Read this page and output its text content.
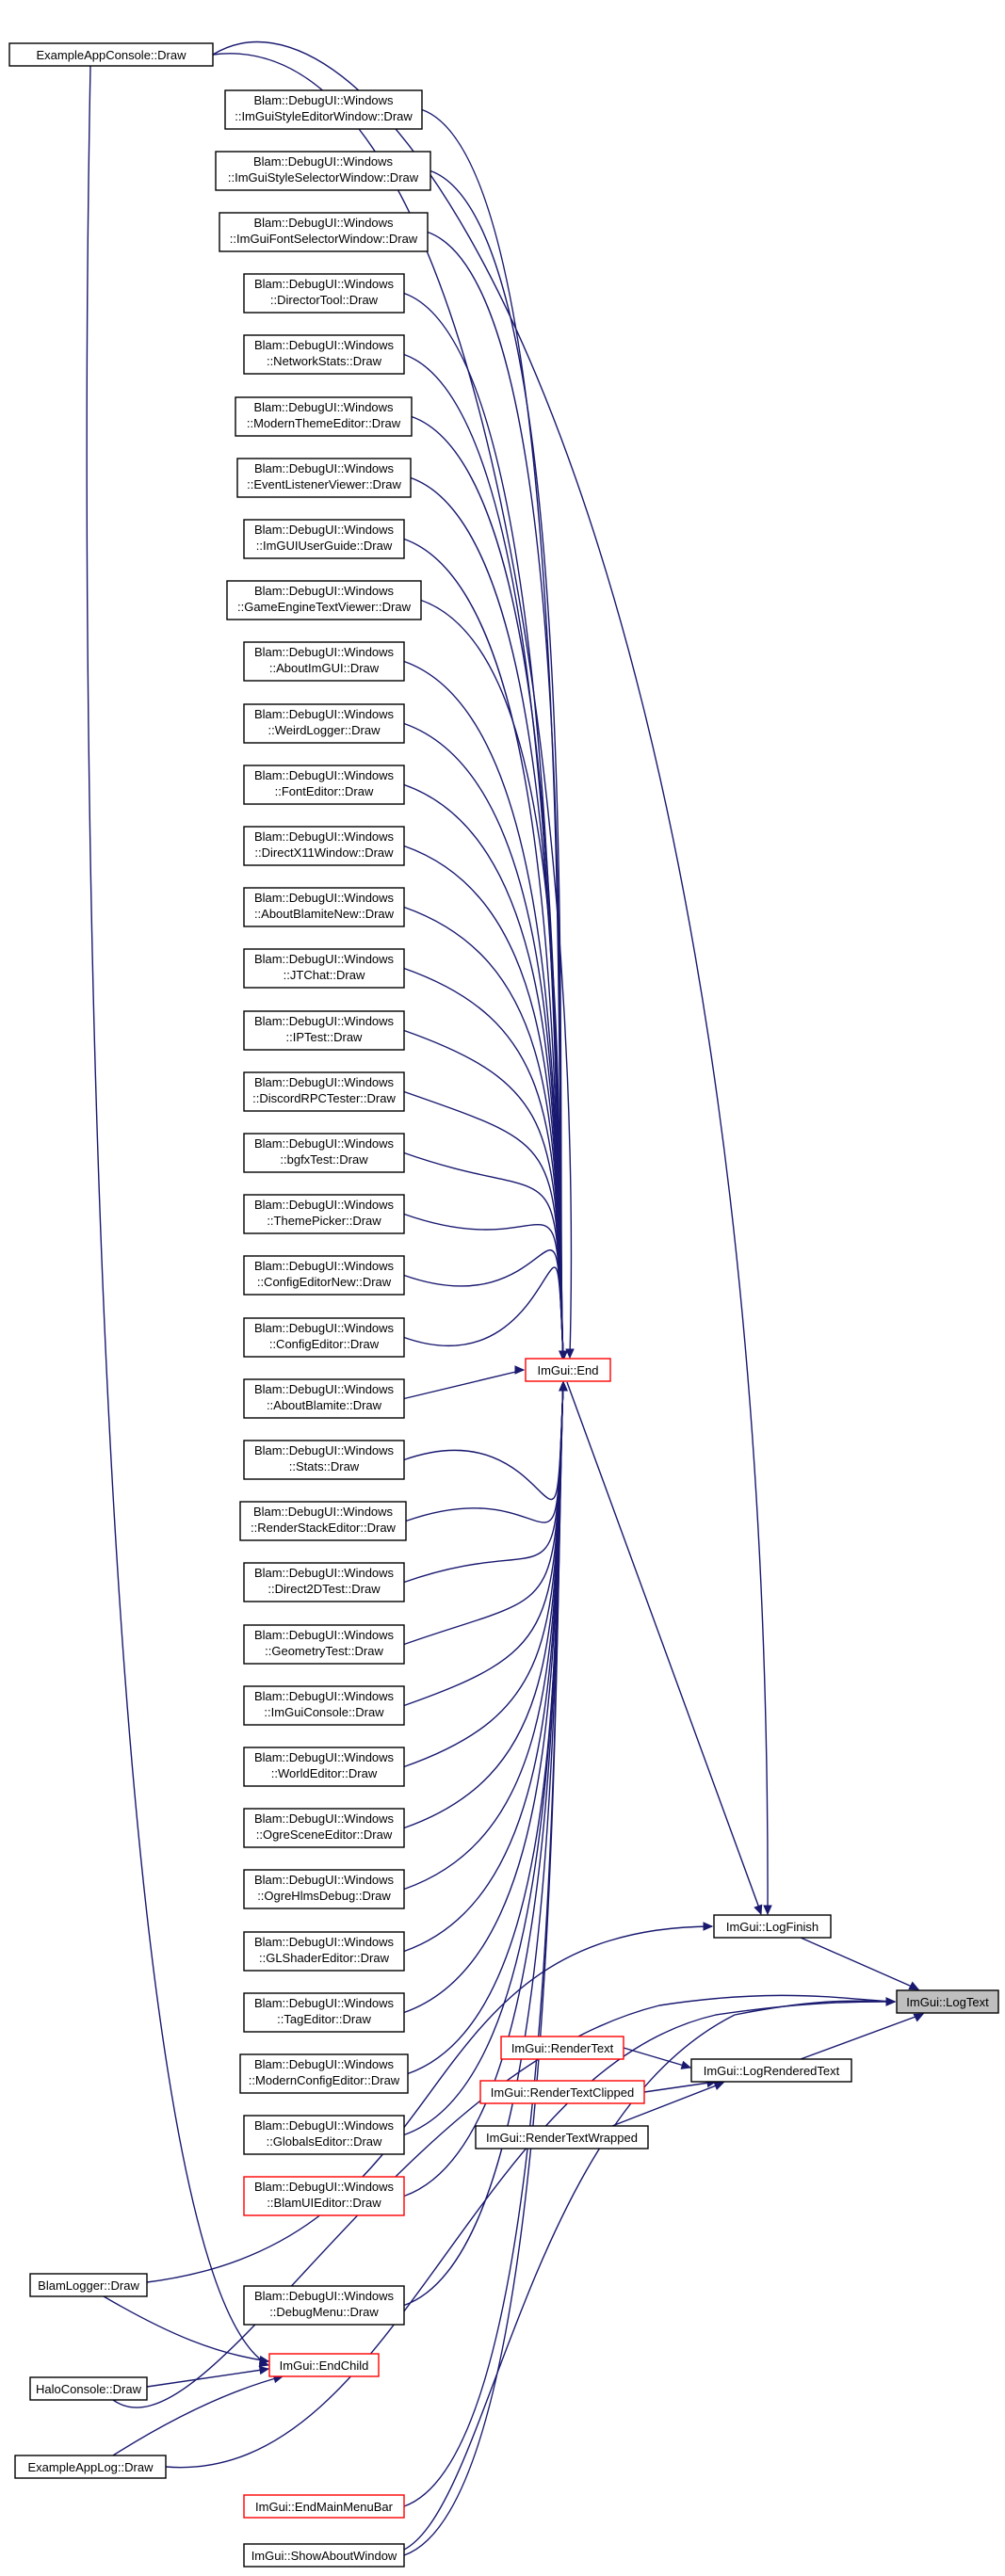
ExampleAppConsole::Draw
Blam::DebugUI::Windows
::ImGuiStyleEditorWindow::Draw
Blam::DebugUI::Windows
::ImGuiStyleSelectorWindow::Draw
Blam::DebugUI::Windows
::ImGuiFontSelectorWindow::Draw
Blam::DebugUI::Windows
::DirectorTool::Draw
Blam::DebugUI::Windows
::NetworkStats::Draw
Blam::DebugUI::Windows
::ModernThemeEditor::Draw
Blam::DebugUI::Windows
::EventListenerViewer::Draw
Blam::DebugUI::Windows
::ImGUIUserGuide::Draw
Blam::DebugUI::Windows
::GameEngineTextViewer::Draw
Blam::DebugUI::Windows
::AboutImGUI::Draw
Blam::DebugUI::Windows
::WeirdLogger::Draw
Blam::DebugUI::Windows
::FontEditor::Draw
Blam::DebugUI::Windows
::DirectX11Window::Draw
Blam::DebugUI::Windows
::AboutBlamiteNew::Draw
Blam::DebugUI::Windows
::JTChat::Draw
Blam::DebugUI::Windows
::IPTest::Draw
Blam::DebugUI::Windows
::DiscordRPCTester::Draw
Blam::DebugUI::Windows
::bgfxTest::Draw
Blam::DebugUI::Windows
::ThemePicker::Draw
Blam::DebugUI::Windows
::ConfigEditorNew::Draw
Blam::DebugUI::Windows
::ConfigEditor::Draw
Blam::DebugUI::Windows
::AboutBlamite::Draw
Blam::DebugUI::Windows
::Stats::Draw
Blam::DebugUI::Windows
::RenderStackEditor::Draw
Blam::DebugUI::Windows
::Direct2DTest::Draw
Blam::DebugUI::Windows
::GeometryTest::Draw
Blam::DebugUI::Windows
::ImGuiConsole::Draw
Blam::DebugUI::Windows
::WorldEditor::Draw
Blam::DebugUI::Windows
::OgreSceneEditor::Draw
Blam::DebugUI::Windows
::OgreHlmsDebug::Draw
Blam::DebugUI::Windows
::GLShaderEditor::Draw
Blam::DebugUI::Windows
::TagEditor::Draw
Blam::DebugUI::Windows
::ModernConfigEditor::Draw
Blam::DebugUI::Windows
::GlobalsEditor::Draw
Blam::DebugUI::Windows
::BlamUIEditor::Draw
BlamLogger::Draw
Blam::DebugUI::Windows
::DebugMenu::Draw
HaloConsole::Draw
ImGui::EndChild
ExampleAppLog::Draw
ImGui::EndMainMenuBar
ImGui::ShowAboutWindow
ImGui::End
ImGui::LogFinish
ImGui::LogText
ImGui::RenderText
ImGui::RenderTextClipped
ImGui::RenderTextWrapped
ImGui::LogRenderedText
